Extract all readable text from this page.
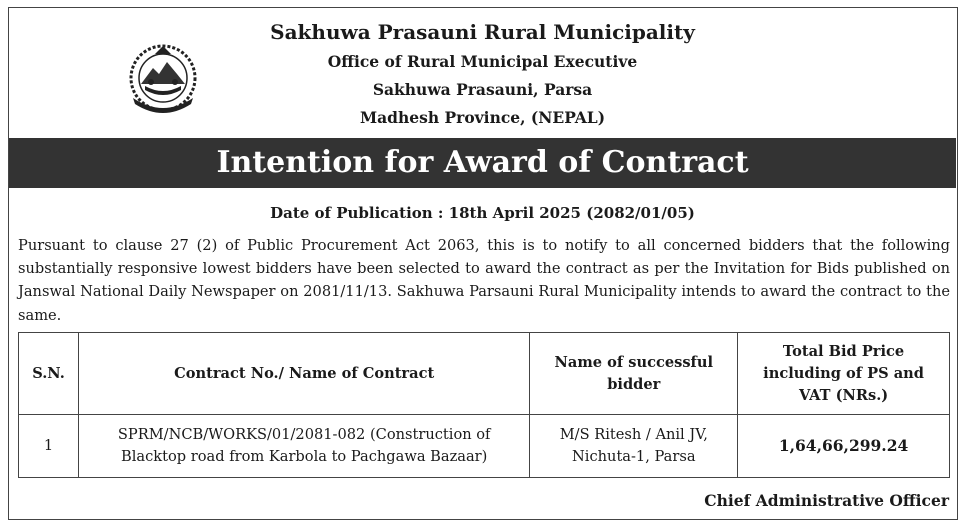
Sakhuwa Prasauni Rural Municipality
Office of Rural Municipal Executive
Sakhuwa Prasauni, Parsa
Madhesh Province, (NEPAL)
Intention for Award of Contract
Date of Publication : 18th April 2025 (2082/01/05)

Pursuant to clause 27 (2) of Public Procurement Act 2063, this is to notify to all concerned bidders that the following substantially responsive lowest bidders have been selected to award the contract as per the Invitation for Bids published on Janswal National Daily Newspaper on 2081/11/13. Sakhuwa Parsauni Rural Municipality intends to award the contract to the same.

S.N.	Contract No./ Name of Contract	Name of successful bidder	Total Bid Price including of PS and VAT (NRs.)
1	SPRM/NCB/WORKS/01/2081-082 (Construction of Blacktop road from Karbola to Pachgawa Bazaar)	M/S Ritesh / Anil JV, Nichuta-1, Parsa	1,64,66,299.24
Chief Administrative Officer
